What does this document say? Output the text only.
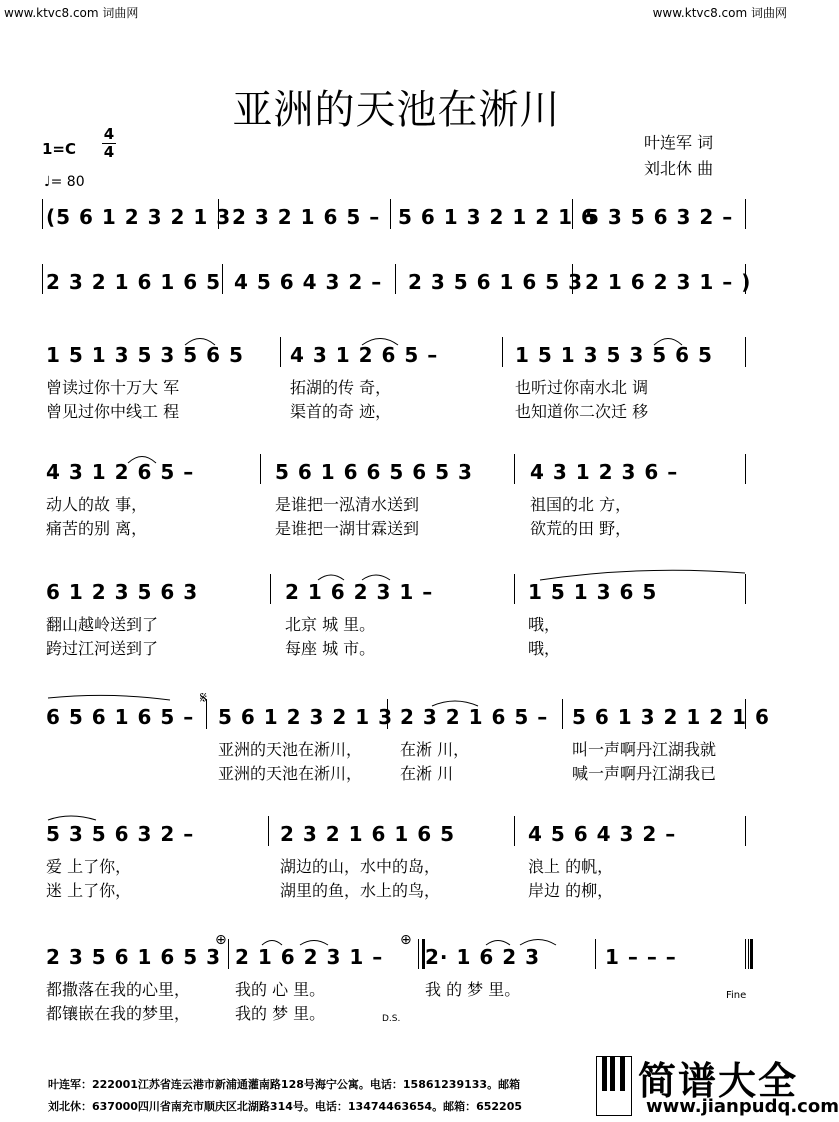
www.ktvc8.com 词曲网	www.ktvc8.com 词曲网
亚洲的天池在淅川
1=C
4
4
♩= 80
叶连军 词
刘北休 曲
(5 6 1 2 3 2 1 3 2 3 2 1 6 5 – 5 6 1 3 2 1 2 1 6
5 3 5 6 3 2 –
2 3 2 1 6 1 6 5 4 5 6 4 3 2 – 2 3 5 6 1 6 5 3 2 1 6 2 3 1 – )
1 5 1 3 5 3 5 6 5 4 3 1 2 6 5 –	1 5 1 3 5 3 5 6 5
曾读过你十万大 军	拓湖的传 奇，	也听过你南水北 调
曾见过你中线工 程	渠首的奇 迹，	也知道你二次迁 移
4 3 1 2 6 5 –	5 6 1 6 6 5 6 5 3	4 3 1 2 3 6 –
动人的故 事，	是谁把一泓清水送到	祖国的北 方，
痛苦的别 离，	是谁把一湖甘霖送到	欲荒的田 野，
6 1 2 3 5 6 3	2 1 6 2 3 1 –	1 5 1 3 6 5
翻山越岭送到了	北京 城 里。	哦，
跨过江河送到了	每座 城 市。	哦，
6 5 6 1 6 5 – 5 6 1 2 3 2 1 3 2 3 2 1 6 5 – 5 6 1 3 2 1 2 1 6
亚洲的天池在淅川， 在淅 川，	叫一声啊丹江湖我就
亚洲的天池在淅川， 在淅 川	喊一声啊丹江湖我已
5 3 5 6 3 2 –	2 3 2 1 6 1 6 5	4 5 6 4 3 2 –
爱 上了你，	湖边的山，水中的岛，	浪上 的帆，
迷 上了你，	湖里的鱼，水上的鸟，	岸边 的柳，
2 3 5 6 1 6 5 3 2 1 6 2 3 1 – 2· 1 6 2 3	1 – – –
都撒落在我的心里，	我的 心 里。	我 的 梦 里。
都镶嵌在我的梦里，	我的 梦 里。
𝄋
⊕	⊕
D.S.
Fine
叶连军：222001江苏省连云港市新浦通灌南路128号海宁公寓。电话：15861239133。邮箱
刘北休：637000四川省南充市顺庆区北湖路314号。电话：13474463654。邮箱：652205
简谱大全
www.jianpudq.com
